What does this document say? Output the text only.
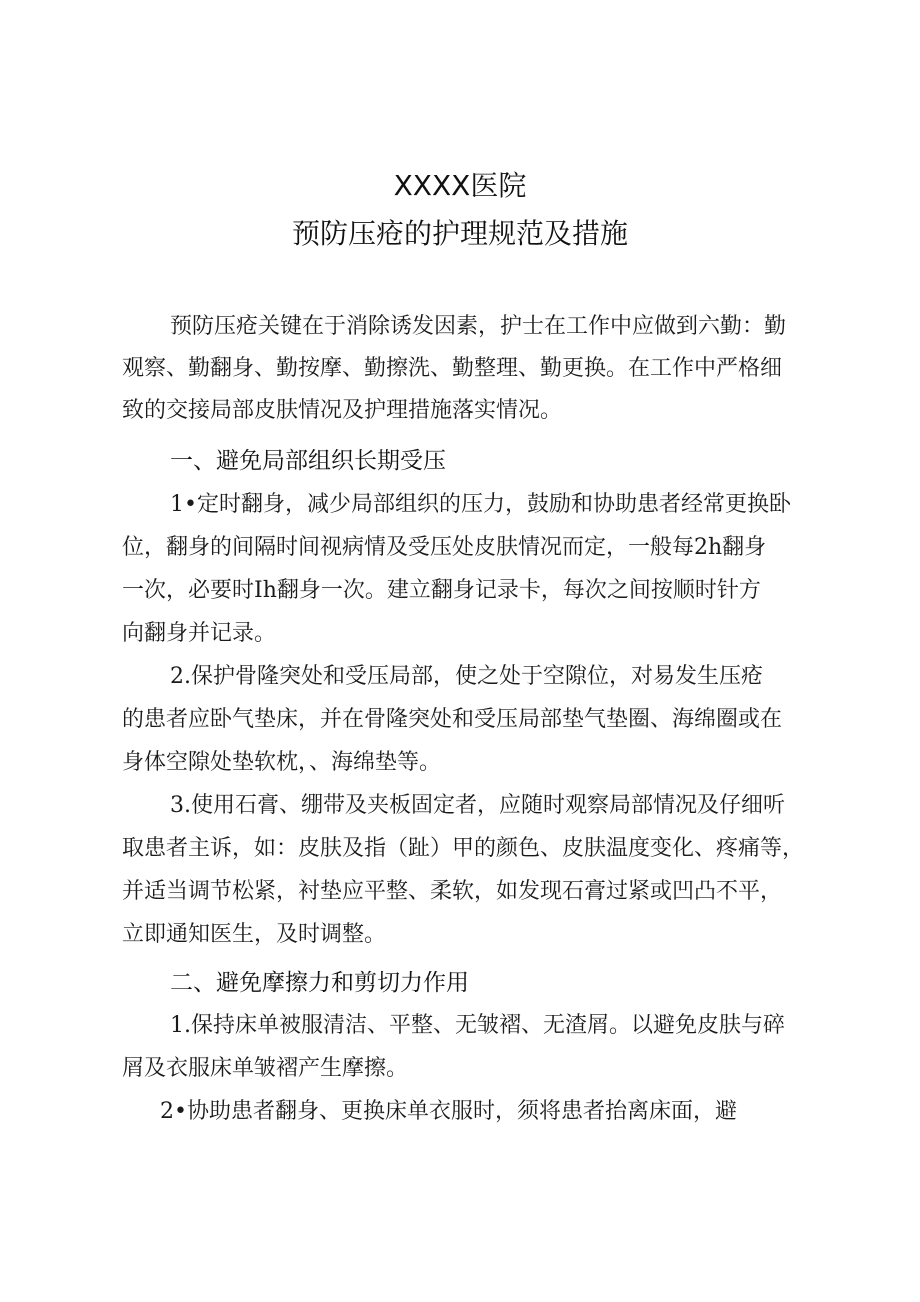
XXXX医院
预防压疮的护理规范及措施
预防压疮关键在于消除诱发因素，护士在工作中应做到六勤：勤
观察、勤翻身、勤按摩、勤擦洗、勤整理、勤更换。在工作中严格细
致的交接局部皮肤情况及护理措施落实情况。
一、避免局部组织长期受压
1•定时翻身，减少局部组织的压力，鼓励和协助患者经常更换卧
位，翻身的间隔时间视病情及受压处皮肤情况而定，一般每2h翻身
一次，必要时Ih翻身一次。建立翻身记录卡，每次之间按顺时针方
向翻身并记录。
2.保护骨隆突处和受压局部，使之处于空隙位，对易发生压疮
的患者应卧气垫床，并在骨隆突处和受压局部垫气垫圈、海绵圈或在
身体空隙处垫软枕，、海绵垫等。
3.使用石膏、绷带及夹板固定者，应随时观察局部情况及仔细听
取患者主诉，如：皮肤及指（趾）甲的颜色、皮肤温度变化、疼痛等，
并适当调节松紧，衬垫应平整、柔软，如发现石膏过紧或凹凸不平，
立即通知医生，及时调整。
二、避免摩擦力和剪切力作用
1.保持床单被服清洁、平整、无皱褶、无渣屑。以避免皮肤与碎
屑及衣服床单皱褶产生摩擦。
2•协助患者翻身、更换床单衣服时，须将患者抬离床面，避
